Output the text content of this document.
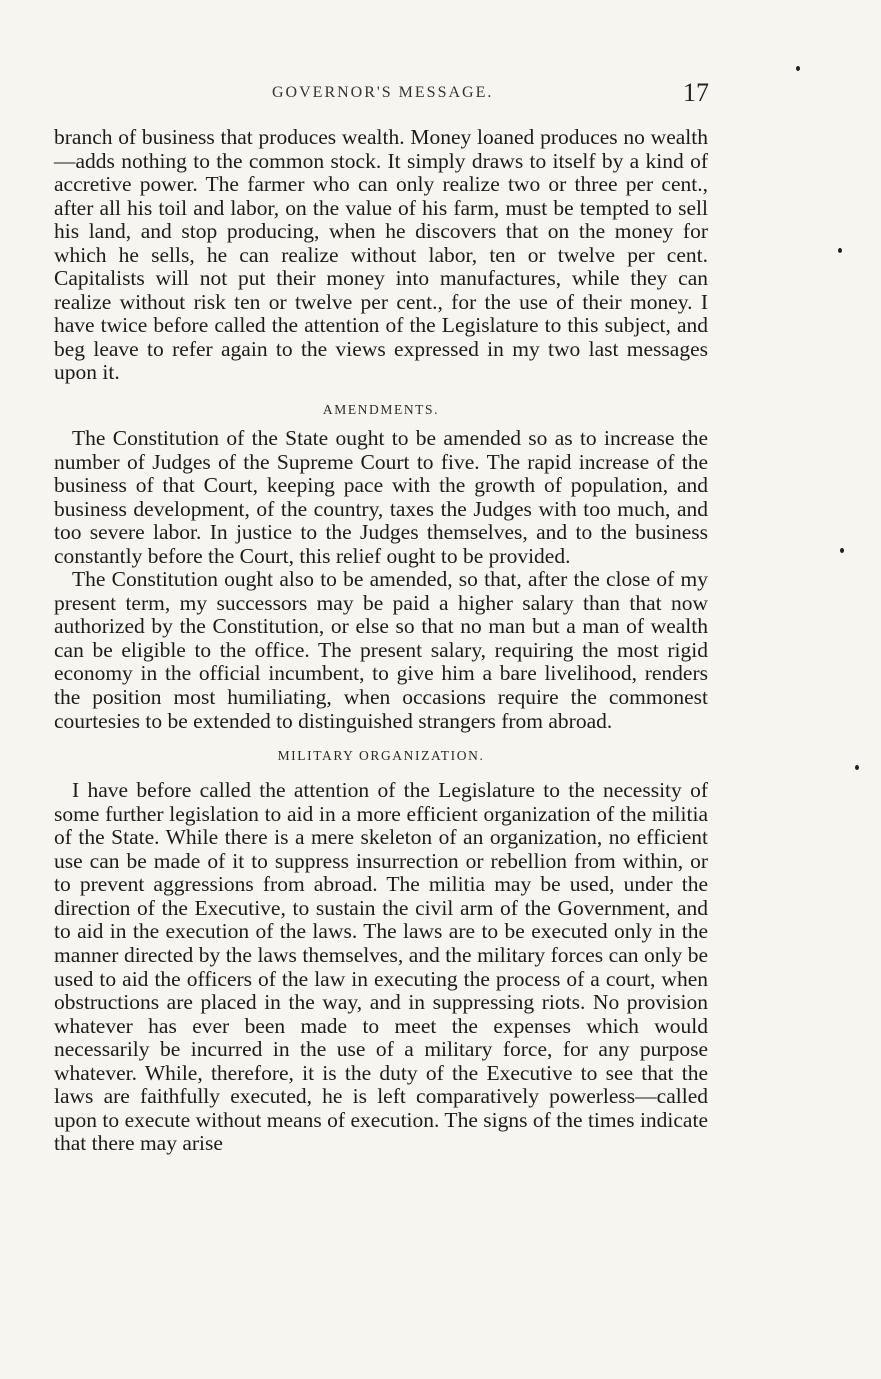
GOVERNOR'S MESSAGE.	17

branch of business that produces wealth. Money loaned produces no wealth—adds nothing to the common stock. It simply draws to itself by a kind of accretive power. The farmer who can only realize two or three per cent., after all his toil and labor, on the value of his farm, must be tempted to sell his land, and stop producing, when he discovers that on the money for which he sells, he can realize without labor, ten or twelve per cent. Capitalists will not put their money into manufactures, while they can realize without risk ten or twelve per cent., for the use of their money. I have twice before called the attention of the Legislature to this subject, and beg leave to refer again to the views expressed in my two last messages upon it.

AMENDMENTS.

The Constitution of the State ought to be amended so as to increase the number of Judges of the Supreme Court to five. The rapid increase of the business of that Court, keeping pace with the growth of population, and business development, of the country, taxes the Judges with too much, and too severe labor. In justice to the Judges themselves, and to the business constantly before the Court, this relief ought to be provided.

The Constitution ought also to be amended, so that, after the close of my present term, my successors may be paid a higher salary than that now authorized by the Constitution, or else so that no man but a man of wealth can be eligible to the office. The present salary, requiring the most rigid economy in the official incumbent, to give him a bare livelihood, renders the position most humiliating, when occasions require the commonest courtesies to be extended to distinguished strangers from abroad.

MILITARY ORGANIZATION.

I have before called the attention of the Legislature to the necessity of some further legislation to aid in a more efficient organization of the militia of the State. While there is a mere skeleton of an organization, no efficient use can be made of it to suppress insurrection or rebellion from within, or to prevent aggressions from abroad. The militia may be used, under the direction of the Executive, to sustain the civil arm of the Government, and to aid in the execution of the laws. The laws are to be executed only in the manner directed by the laws themselves, and the military forces can only be used to aid the officers of the law in executing the process of a court, when obstructions are placed in the way, and in suppressing riots. No provision whatever has ever been made to meet the expenses which would necessarily be incurred in the use of a military force, for any purpose whatever. While, therefore, it is the duty of the Executive to see that the laws are faithfully executed, he is left comparatively powerless—called upon to execute without means of execution. The signs of the times indicate that there may arise
